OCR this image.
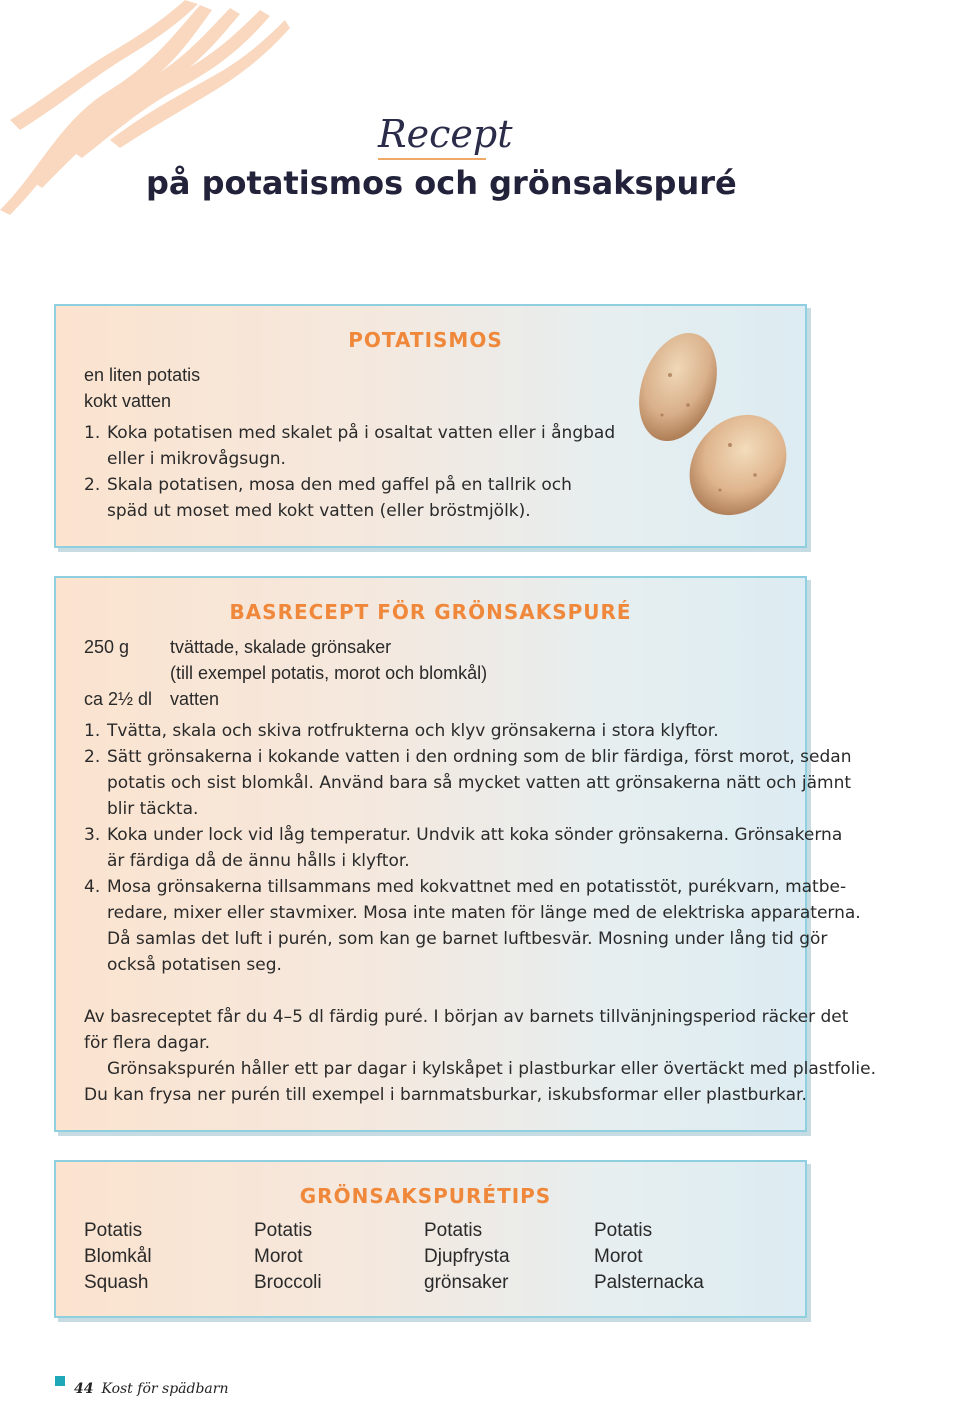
Recept
på potatismos och grönsakspuré
POTATISMOS
en liten potatis
kokt vatten
1. Koka potatisen med skalet på i osaltat vatten eller i ångbad
eller i mikrovågsugn.
2. Skala potatisen, mosa den med gaffel på en tallrik och
späd ut moset med kokt vatten (eller bröstmjölk).
BASRECEPT FÖR GRÖNSAKSPURÉ
250 g tvättade, skalade grönsaker
(till exempel potatis, morot och blomkål)
ca 2½ dl vatten
1. Tvätta, skala och skiva rotfrukterna och klyv grönsakerna i stora klyftor.
2. Sätt grönsakerna i kokande vatten i den ordning som de blir färdiga, först morot, sedan
potatis och sist blomkål. Använd bara så mycket vatten att grönsakerna nätt och jämnt
blir täckta.
3. Koka under lock vid låg temperatur. Undvik att koka sönder grönsakerna. Grönsakerna
är färdiga då de ännu hålls i klyftor.
4. Mosa grönsakerna tillsammans med kokvattnet med en potatisstöt, purékvarn, matbe-
redare, mixer eller stavmixer. Mosa inte maten för länge med de elektriska apparaterna.
Då samlas det luft i purén, som kan ge barnet luftbesvär. Mosning under lång tid gör
också potatisen seg.
Av basreceptet får du 4–5 dl färdig puré. I början av barnets tillvänjningsperiod räcker det
för flera dagar.
Grönsakspurén håller ett par dagar i kylskåpet i plastburkar eller övertäckt med plastfolie.
Du kan frysa ner purén till exempel i barnmatsburkar, iskubsformar eller plastburkar.
GRÖNSAKSPURÉTIPS
Potatis
Blomkål
Squash
Potatis
Morot
Broccoli
Potatis
Djupfrysta
grönsaker
Potatis
Morot
Palsternacka
44 Kost för spädbarn
